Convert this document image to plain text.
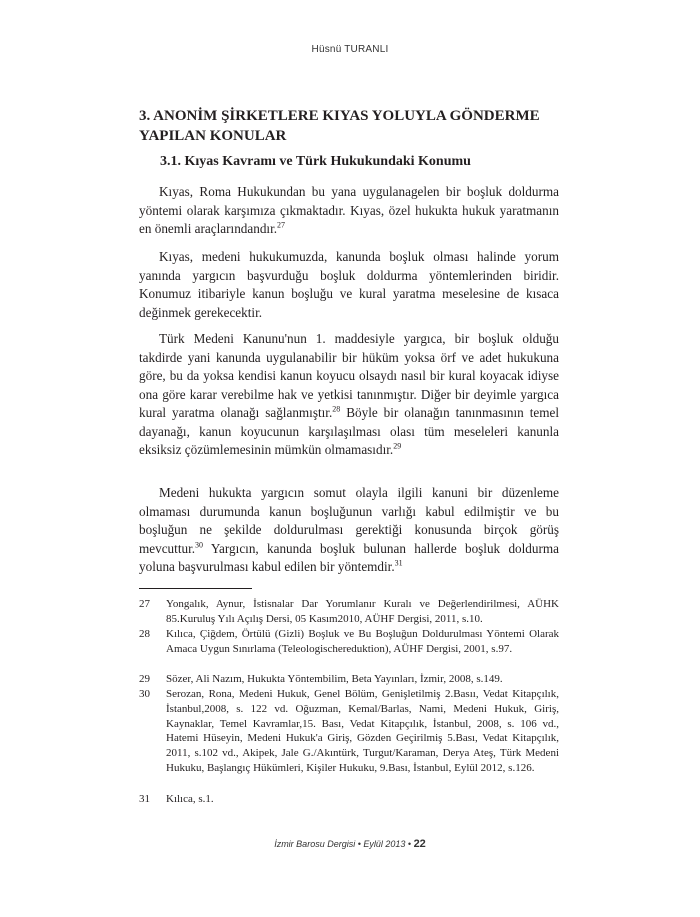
Hüsnü TURANLI
3. ANONİM ŞİRKETLERE KIYAS YOLUYLA GÖNDERME YAPILAN KONULAR
3.1. Kıyas Kavramı ve Türk Hukukundaki Konumu

Kıyas, Roma Hukukundan bu yana uygulanagelen bir boşluk doldurma yöntemi olarak karşımıza çıkmaktadır. Kıyas, özel hukukta hukuk yaratmanın en önemli araçlarındandır.$^{27}$

Kıyas, medeni hukukumuzda, kanunda boşluk olması halinde yorum yanında yargıcın başvurduğu boşluk doldurma yöntemlerinden biridir. Konumuz itibariyle kanun boşluğu ve kural yaratma meselesine de kısaca değinmek gerekecektir.

Türk Medeni Kanunu'nun 1. maddesiyle yargıca, bir boşluk olduğu takdirde yani kanunda uygulanabilir bir hüküm yoksa örf ve adet hukukuna göre, bu da yoksa kendisi kanun koyucu olsaydı nasıl bir kural koyacak idiyse ona göre karar verebilme hak ve yetkisi tanınmıştır. Diğer bir deyimle yargıca kural yaratma olanağı sağlanmıştır.$^{28}$ Böyle bir olanağın tanınmasının temel dayanağı, kanun koyucunun karşılaşılması olası tüm meseleleri kanunla eksiksiz çözümlemesinin mümkün olmamasıdır.$^{29}$

Medeni hukukta yargıcın somut olayla ilgili kanuni bir düzenleme olmaması durumunda kanun boşluğunun varlığı kabul edilmiştir ve bu boşluğun ne şekilde doldurulması gerektiği konusunda birçok görüş mevcuttur.$^{30}$ Yargıcın, kanunda boşluk bulunan hallerde boşluk doldurma yoluna başvurulması kabul edilen bir yöntemdir.$^{31}$

27	Yongalık, Aynur, İstisnalar Dar Yorumlanır Kuralı ve Değerlendirilmesi, AÜHK 85.Kuruluş Yılı Açılış Dersi, 05 Kasım2010, AÜHF Dergisi, 2011, s.10.
28	Kılıca, Çiğdem, Örtülü (Gizli) Boşluk ve Bu Boşluğun Doldurulması Yöntemi Olarak Amaca Uygun Sınırlama (Teleologischereduktion), AÜHF Dergisi, 2001, s.97.
29	Sözer, Ali Nazım, Hukukta Yöntembilim, Beta Yayınları, İzmir, 2008, s.149.
30	Serozan, Rona, Medeni Hukuk, Genel Bölüm, Genişletilmiş 2.Basıı, Vedat Kitapçılık, İstanbul,2008, s. 122 vd. Oğuzman, Kemal/Barlas, Nami, Medeni Hukuk, Giriş, Kaynaklar, Temel Kavramlar,15. Bası, Vedat Kitapçılık, İstanbul, 2008, s. 106 vd., Hatemi Hüseyin, Medeni Hukuk'a Giriş, Gözden Geçirilmiş 5.Bası, Vedat Kitapçılık, 2011, s.102 vd., Akipek, Jale G./Akıntürk, Turgut/Karaman, Derya Ateş, Türk Medeni Hukuku, Başlangıç Hükümleri, Kişiler Hukuku, 9.Bası, İstanbul, Eylül 2012, s.126.
31	Kılıca, s.1.
İzmir Barosu Dergisi • Eylül 2013 • 22
